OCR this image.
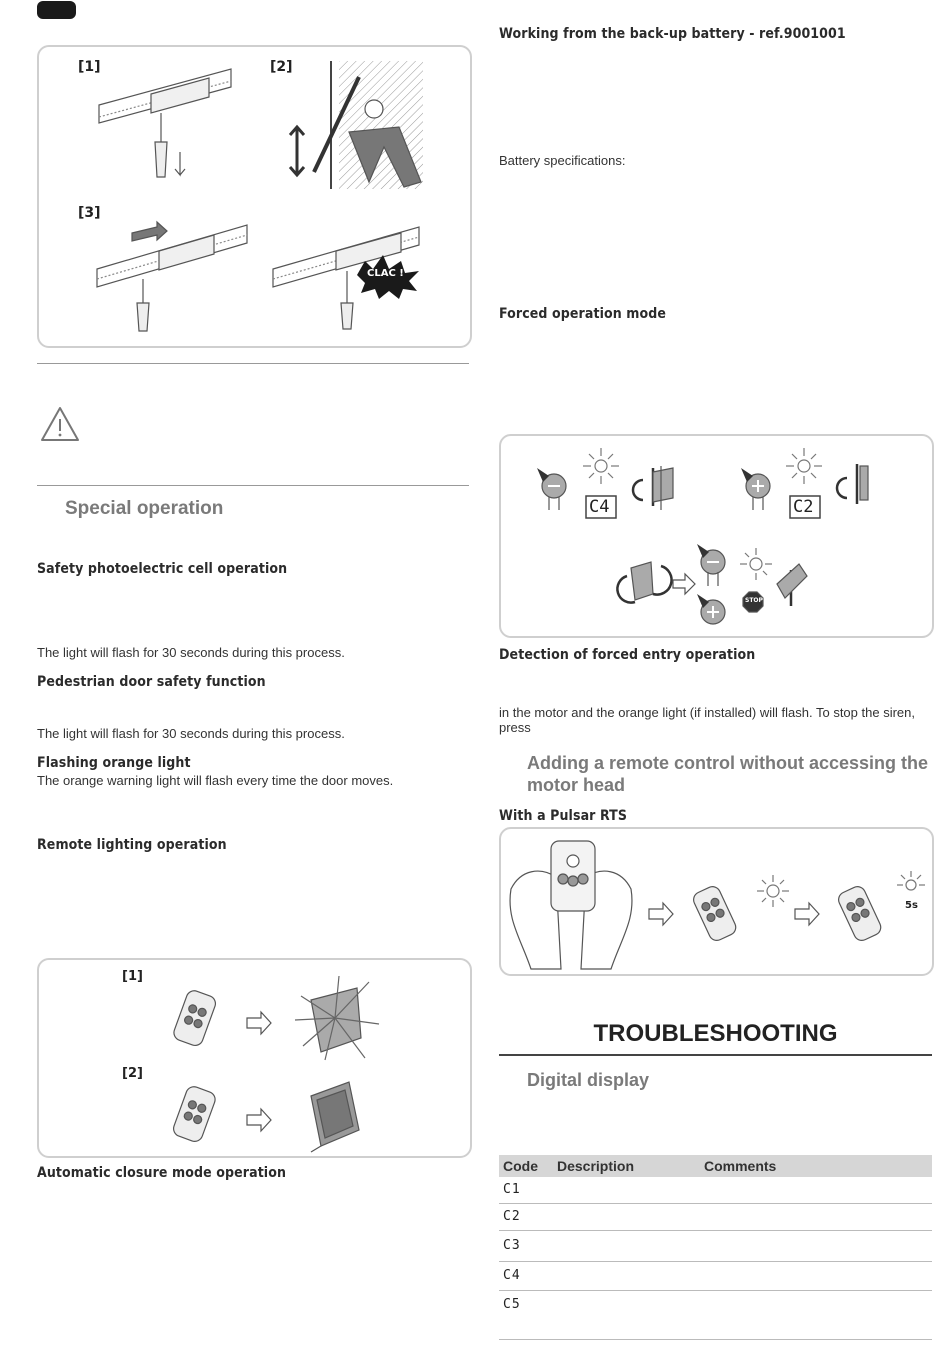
[1]	[2]
[3]
CLAC !
Special operation
Safety photoelectric cell operation
The light will flash for 30 seconds during this process.
Pedestrian door safety function
The light will flash for 30 seconds during this process.
Flashing orange light
The orange warning light will flash every time the door moves.
Remote lighting operation
[1]
[2]
Automatic closure mode operation
Working from the back-up battery - ref.9001001
Battery specifications:
Forced operation mode
C4	C2
STOP
Detection of forced entry operation
in the motor and the orange light (if installed) will flash. To stop the siren, press
Adding a remote control without accessing the
motor head
With a Pulsar RTS
5s
TROUBLESHOOTING
Digital display
Code	Description	Comments
C1		
C2		
C3		
C4		
C5		
